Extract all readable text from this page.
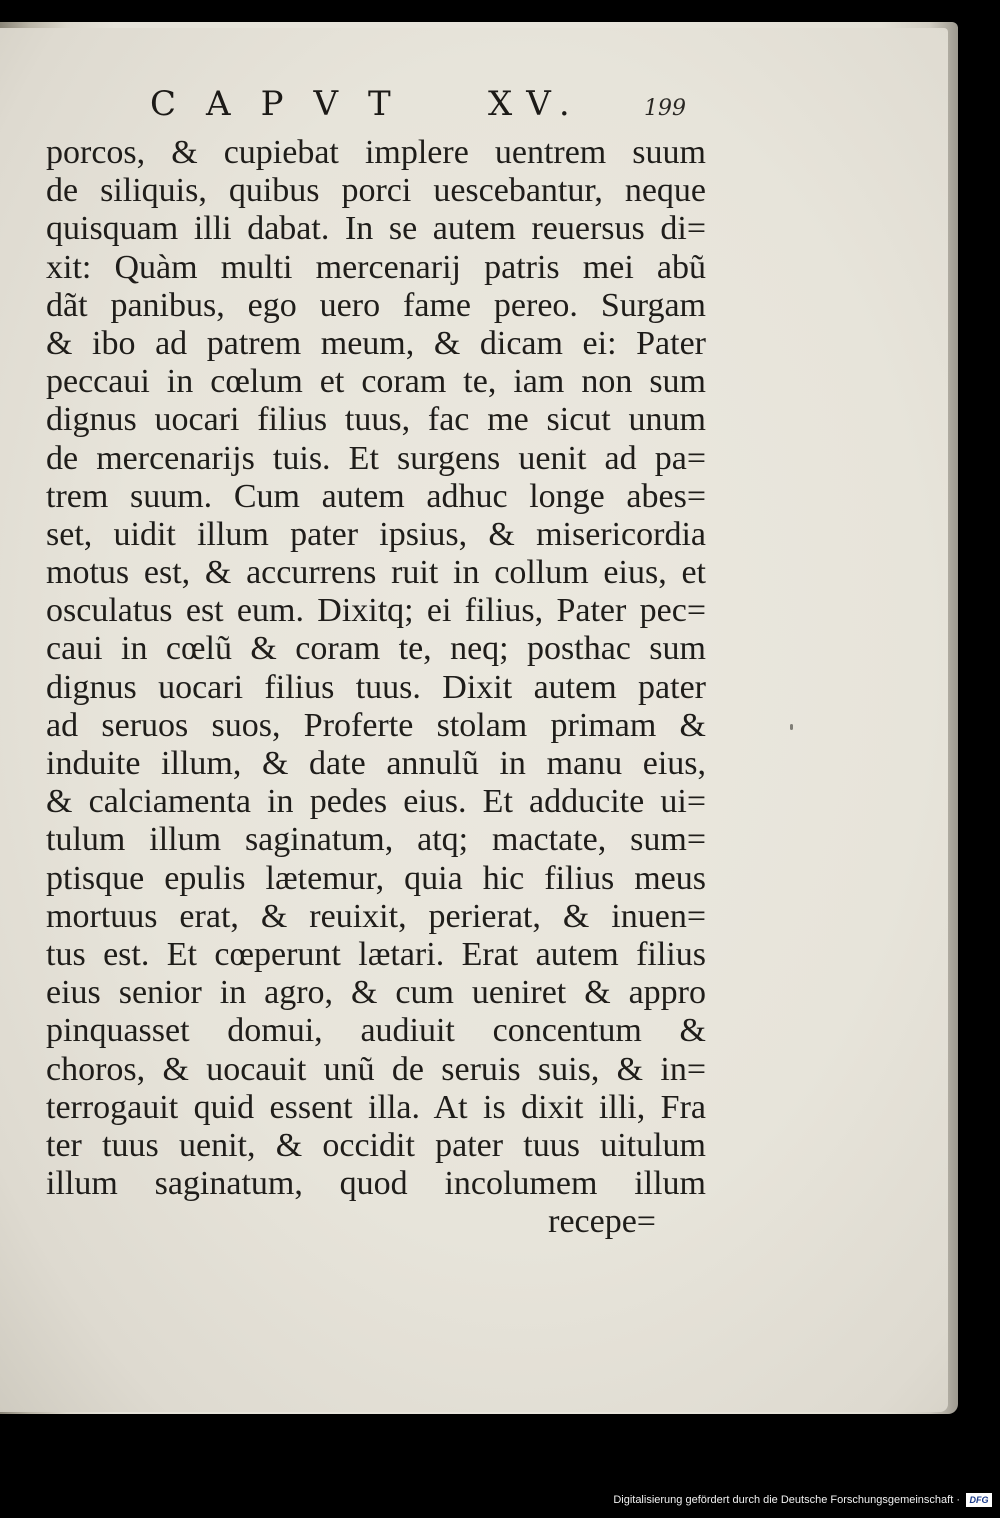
CAPVT XV.	199
porcos, & cupiebat implere uentrem suum
de siliquis, quibus porci uescebantur, neque
quisquam illi dabat. In se autem reuersus di=
xit: Quàm multi mercenarij patris mei abũ
dãt panibus, ego uero fame pereo. Surgam
& ibo ad patrem meum, & dicam ei: Pater
peccaui in cœlum et coram te, iam non sum
dignus uocari filius tuus, fac me sicut unum
de mercenarijs tuis. Et surgens uenit ad pa=
trem suum. Cum autem adhuc longe abes=
set, uidit illum pater ipsius, & misericordia
motus est, & accurrens ruit in collum eius, et
osculatus est eum. Dixitq; ei filius, Pater pec=
caui in cœlũ & coram te, neq; posthac sum
dignus uocari filius tuus. Dixit autem pater
ad seruos suos, Proferte stolam primam &
induite illum, & date annulũ in manu eius,
& calciamenta in pedes eius. Et adducite ui=
tulum illum saginatum, atq; mactate, sum=
ptisque epulis lætemur, quia hic filius meus
mortuus erat, & reuixit, perierat, & inuen=
tus est. Et cœperunt lætari. Erat autem filius
eius senior in agro, & cum ueniret & appro
pinquasset domui, audiuit concentum &
choros, & uocauit unũ de seruis suis, & in=
terrogauit quid essent illa. At is dixit illi, Fra
ter tuus uenit, & occidit pater tuus uitulum
illum saginatum, quod incolumem illum
recepe=
Digitalisierung gefördert durch die Deutsche Forschungsgemeinschaft ·	DFG
